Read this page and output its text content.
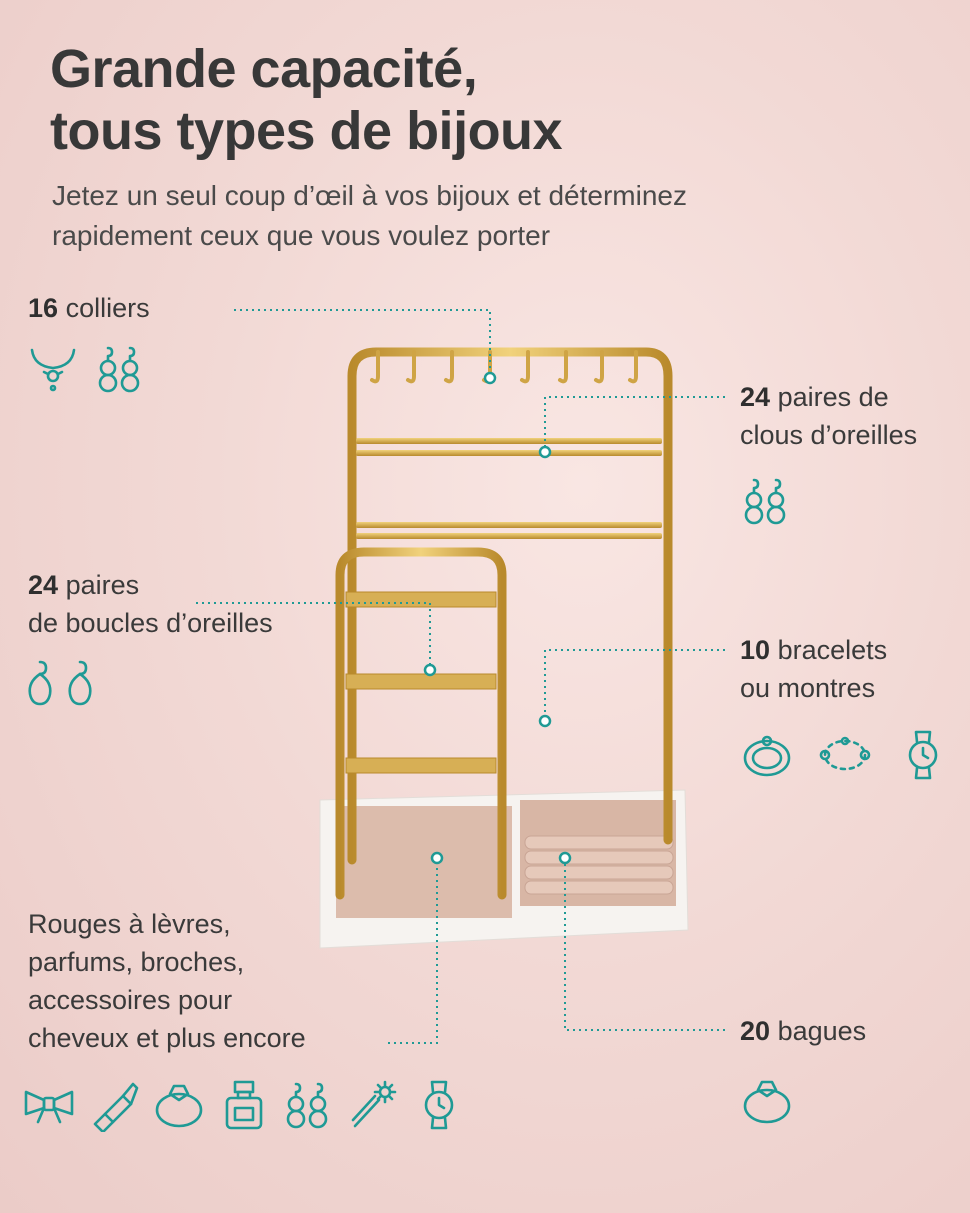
Grande capacité,
tous types de bijoux

Jetez un seul coup d’œil à vos bijoux et déterminez
rapidement ceux que vous voulez porter

16 colliers
24 paires de
clous d’oreilles
24 paires
de boucles d’oreilles
10 bracelets
ou montres
Rouges à lèvres,
parfums, broches,
accessoires pour
cheveux et plus encore	20 bagues
